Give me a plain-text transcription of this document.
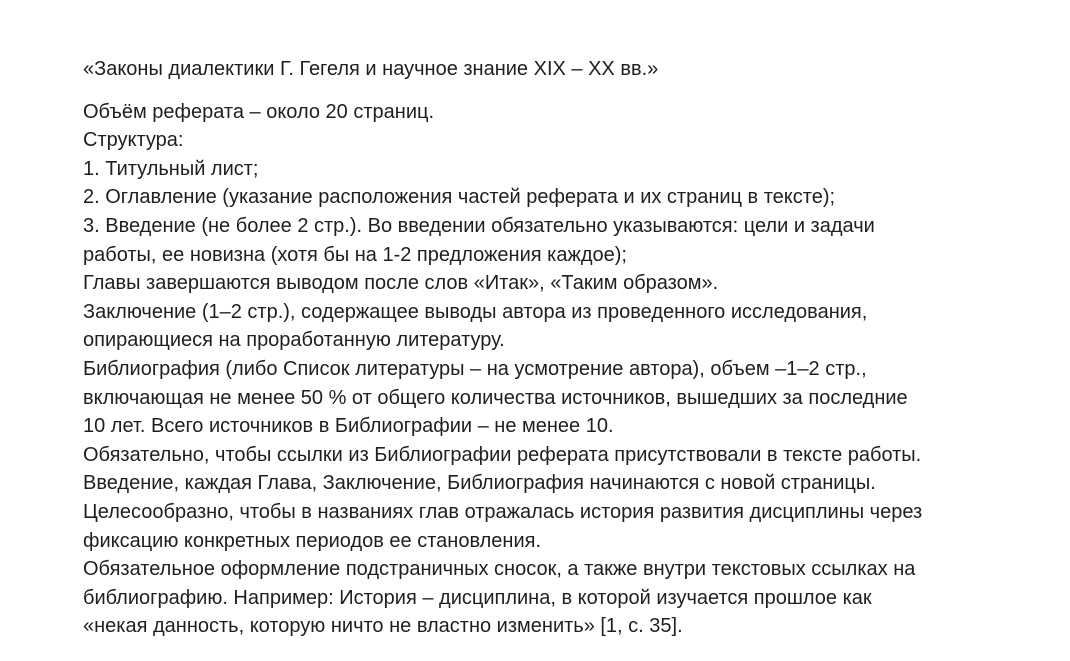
«Законы диалектики Г. Гегеля и научное знание XIX – XX вв.»

Объём реферата – около 20 страниц.
Структура:
1. Титульный лист;
2. Оглавление (указание расположения частей реферата и их страниц в тексте);
3. Введение (не более 2 стр.). Во введении обязательно указываются: цели и задачи
работы, ее новизна (хотя бы на 1-2 предложения каждое);
Главы завершаются выводом после слов «Итак», «Таким образом».
Заключение (1–2 стр.), содержащее выводы автора из проведенного исследования,
опирающиеся на проработанную литературу.
Библиография (либо Список литературы – на усмотрение автора), объем –1–2 стр.,
включающая не менее 50 % от общего количества источников, вышедших за последние
10 лет. Всего источников в Библиографии – не менее 10.
Обязательно, чтобы ссылки из Библиографии реферата присутствовали в тексте работы.
Введение, каждая Глава, Заключение, Библиография начинаются с новой страницы.
Целесообразно, чтобы в названиях глав отражалась история развития дисциплины через
фиксацию конкретных периодов ее становления.
Обязательное оформление подстраничных сносок, а также внутри текстовых ссылках на
библиографию. Например: История – дисциплина, в которой изучается прошлое как
«некая данность, которую ничто не властно изменить» [1, с. 35].
